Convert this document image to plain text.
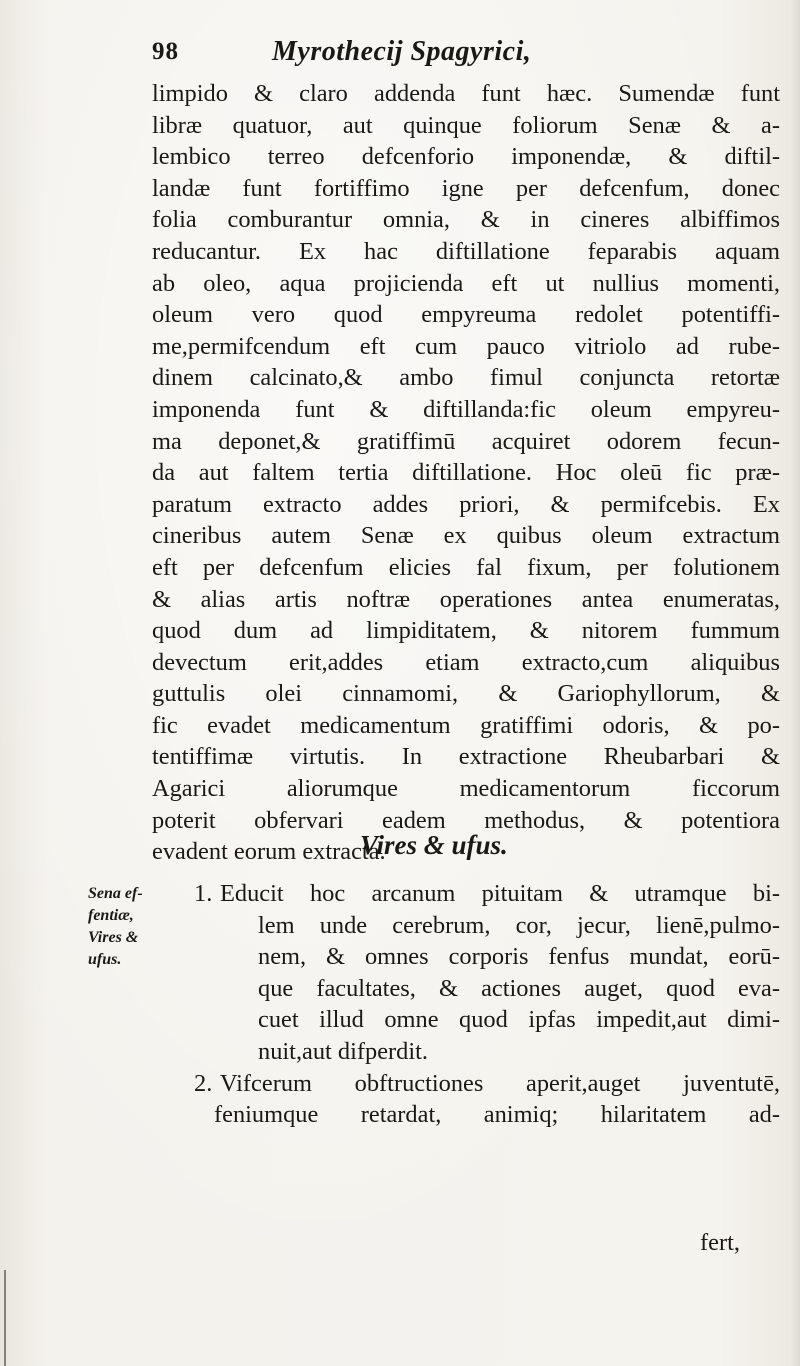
98	Myrothecij Spagyrici,
limpido & claro addenda funt hæc. Sumendæ funt
libræ quatuor, aut quinque foliorum Senæ & a-
lembico terreo defcenforio imponendæ, & diftil-
landæ funt fortiffimo igne per defcenfum, donec
folia comburantur omnia, & in cineres albiffimos
reducantur. Ex hac diftillatione feparabis aquam
ab oleo, aqua projicienda eft ut nullius momenti,
oleum vero quod empyreuma redolet potentiffi-
me,permifcendum eft cum pauco vitriolo ad rube-
dinem calcinato,& ambo fimul conjuncta retortæ
imponenda funt & diftillanda:fic oleum empyreu-
ma deponet,& gratiffimū acquiret odorem fecun-
da aut faltem tertia diftillatione. Hoc oleū fic præ-
paratum extracto addes priori, & permifcebis. Ex
cineribus autem Senæ ex quibus oleum extractum
eft per defcenfum elicies fal fixum, per folutionem
& alias artis noftræ operationes antea enumeratas,
quod dum ad limpiditatem, & nitorem fummum
devectum erit,addes etiam extracto,cum aliquibus
guttulis olei cinnamomi, & Gariophyllorum, &
fic evadet medicamentum gratiffimi odoris, & po-
tentiffimæ virtutis. In extractione Rheubarbari &
Agarici aliorumque medicamentorum ficcorum
poterit obfervari eadem methodus, & potentiora
evadent eorum extracta.
Vires & ufus.
Sena ef-
fentiæ,
Vires &
ufus.
1. Educit hoc arcanum pituitam & utramque bi-
lem unde cerebrum, cor, jecur, lienē,pulmo-
nem, & omnes corporis fenfus mundat, eorū-
que facultates, & actiones auget, quod eva-
cuet illud omne quod ipfas impedit,aut dimi-
nuit,aut difperdit.
2. Vifcerum obftructiones aperit,auget juventutē,
feniumque retardat, animiq; hilaritatem ad-
fert,
